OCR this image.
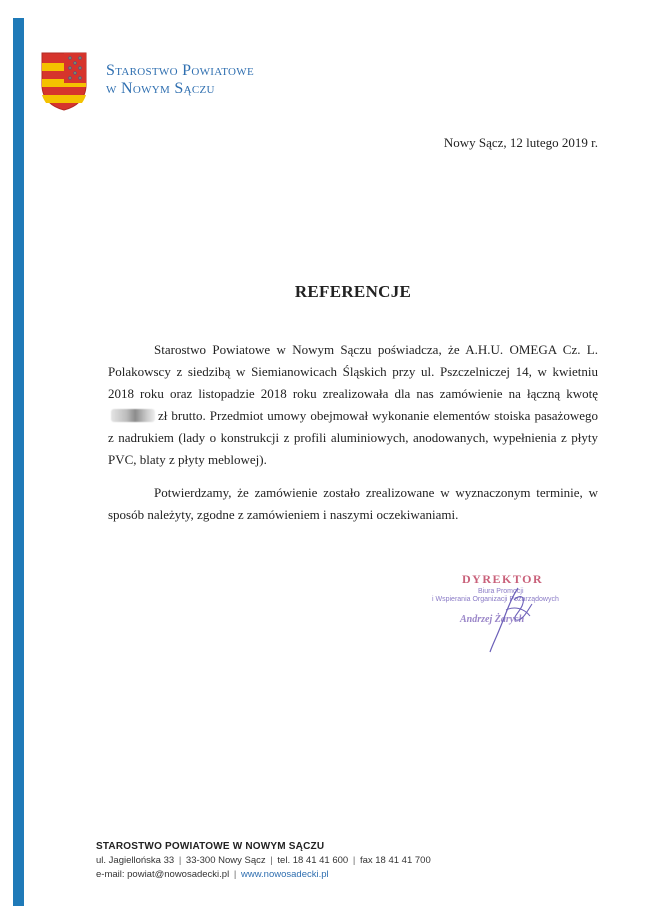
Starostwo Powiatowe
w Nowym Sączu
Nowy Sącz, 12 lutego 2019 r.
REFERENCJE

Starostwo Powiatowe w Nowym Sączu poświadcza, że A.H.U. OMEGA Cz. L. Polakowscy z siedzibą w Siemianowicach Śląskich przy ul. Pszczelniczej 14, w kwietniu 2018 roku oraz listopadzie 2018 roku zrealizowała dla nas zamówienie na łączną kwotęzł brutto. Przedmiot umowy obejmował wykonanie elementów stoiska pasażowego z nadrukiem (lady o konstrukcji z profili aluminiowych, anodowanych, wypełnienia z płyty PVC, blaty z płyty meblowej).

Potwierdzamy, że zamówienie zostało zrealizowane w wyznaczonym terminie, w sposób należyty, zgodne z zamówieniem i naszymi oczekiwaniami.

DYREKTOR
Biura Promocji
i Wspierania Organizacji Pozarządowych
Andrzej Żarych
STAROSTWO POWIATOWE W NOWYM SĄCZU
ul. Jagiellońska 33 | 33-300 Nowy Sącz | tel. 18 41 41 600 | fax 18 41 41 700
e-mail: powiat@nowosadecki.pl | www.nowosadecki.pl
